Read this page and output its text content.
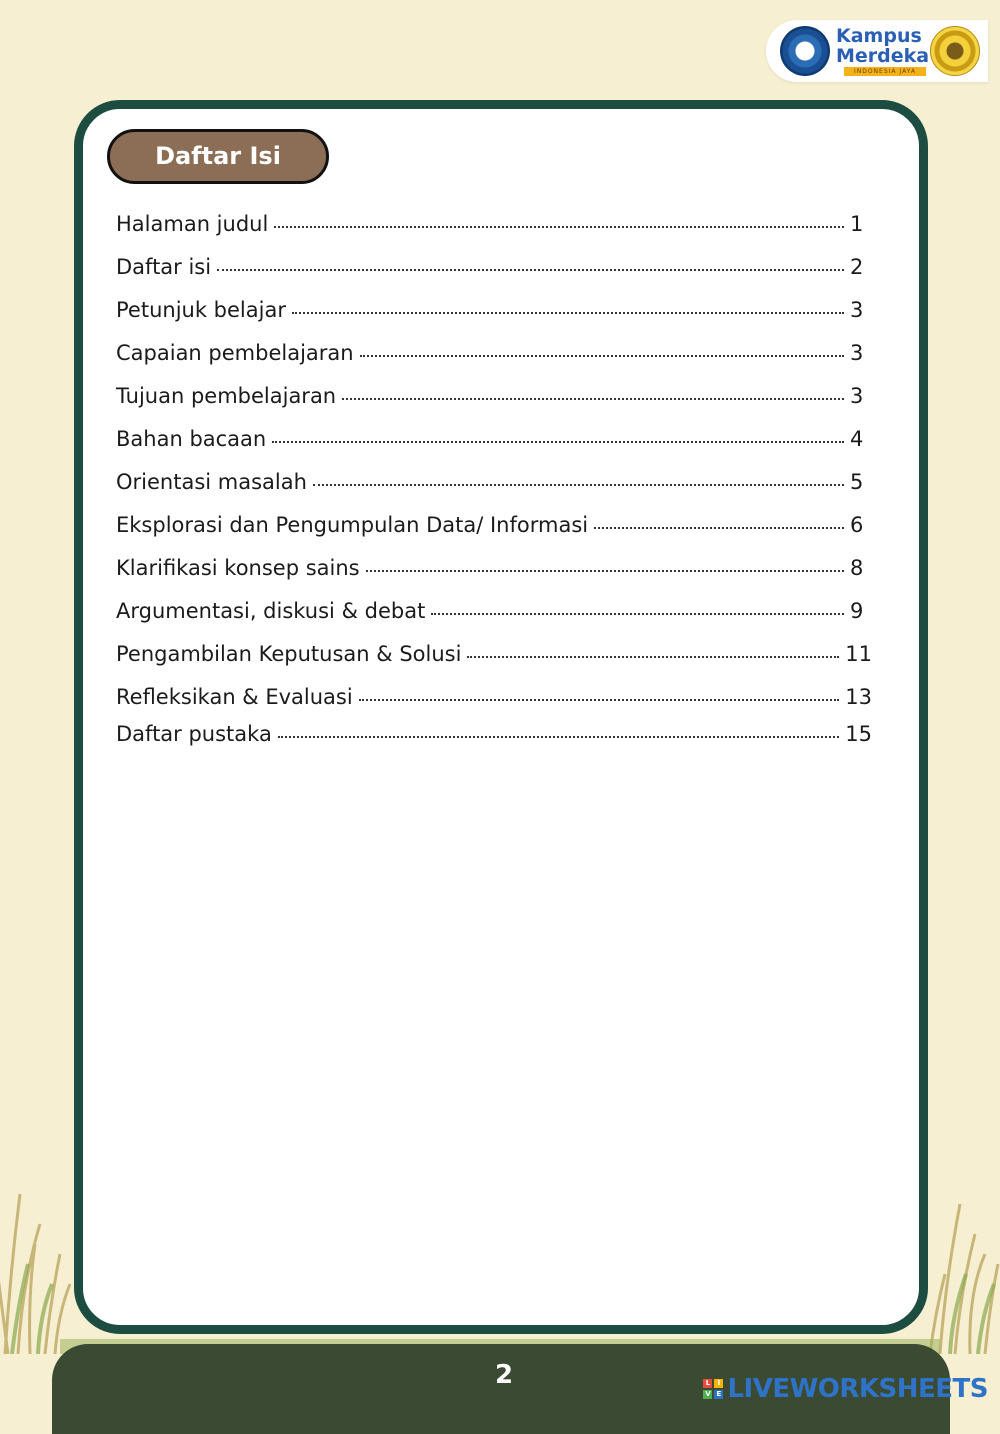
Kampus
Merdeka
INDONESIA JAYA
Daftar Isi
Halaman judul	1
Daftar isi	2
Petunjuk belajar	3
Capaian pembelajaran	3
Tujuan pembelajaran	3
Bahan bacaan	4
Orientasi masalah	5
Eksplorasi dan Pengumpulan Data/ Informasi	6
Klarifikasi konsep sains	8
Argumentasi, diskusi & debat	9
Pengambilan Keputusan & Solusi	11
Refleksikan & Evaluasi	13
Daftar pustaka	15
2	L	I
V E LIVEWORKSHEETS
